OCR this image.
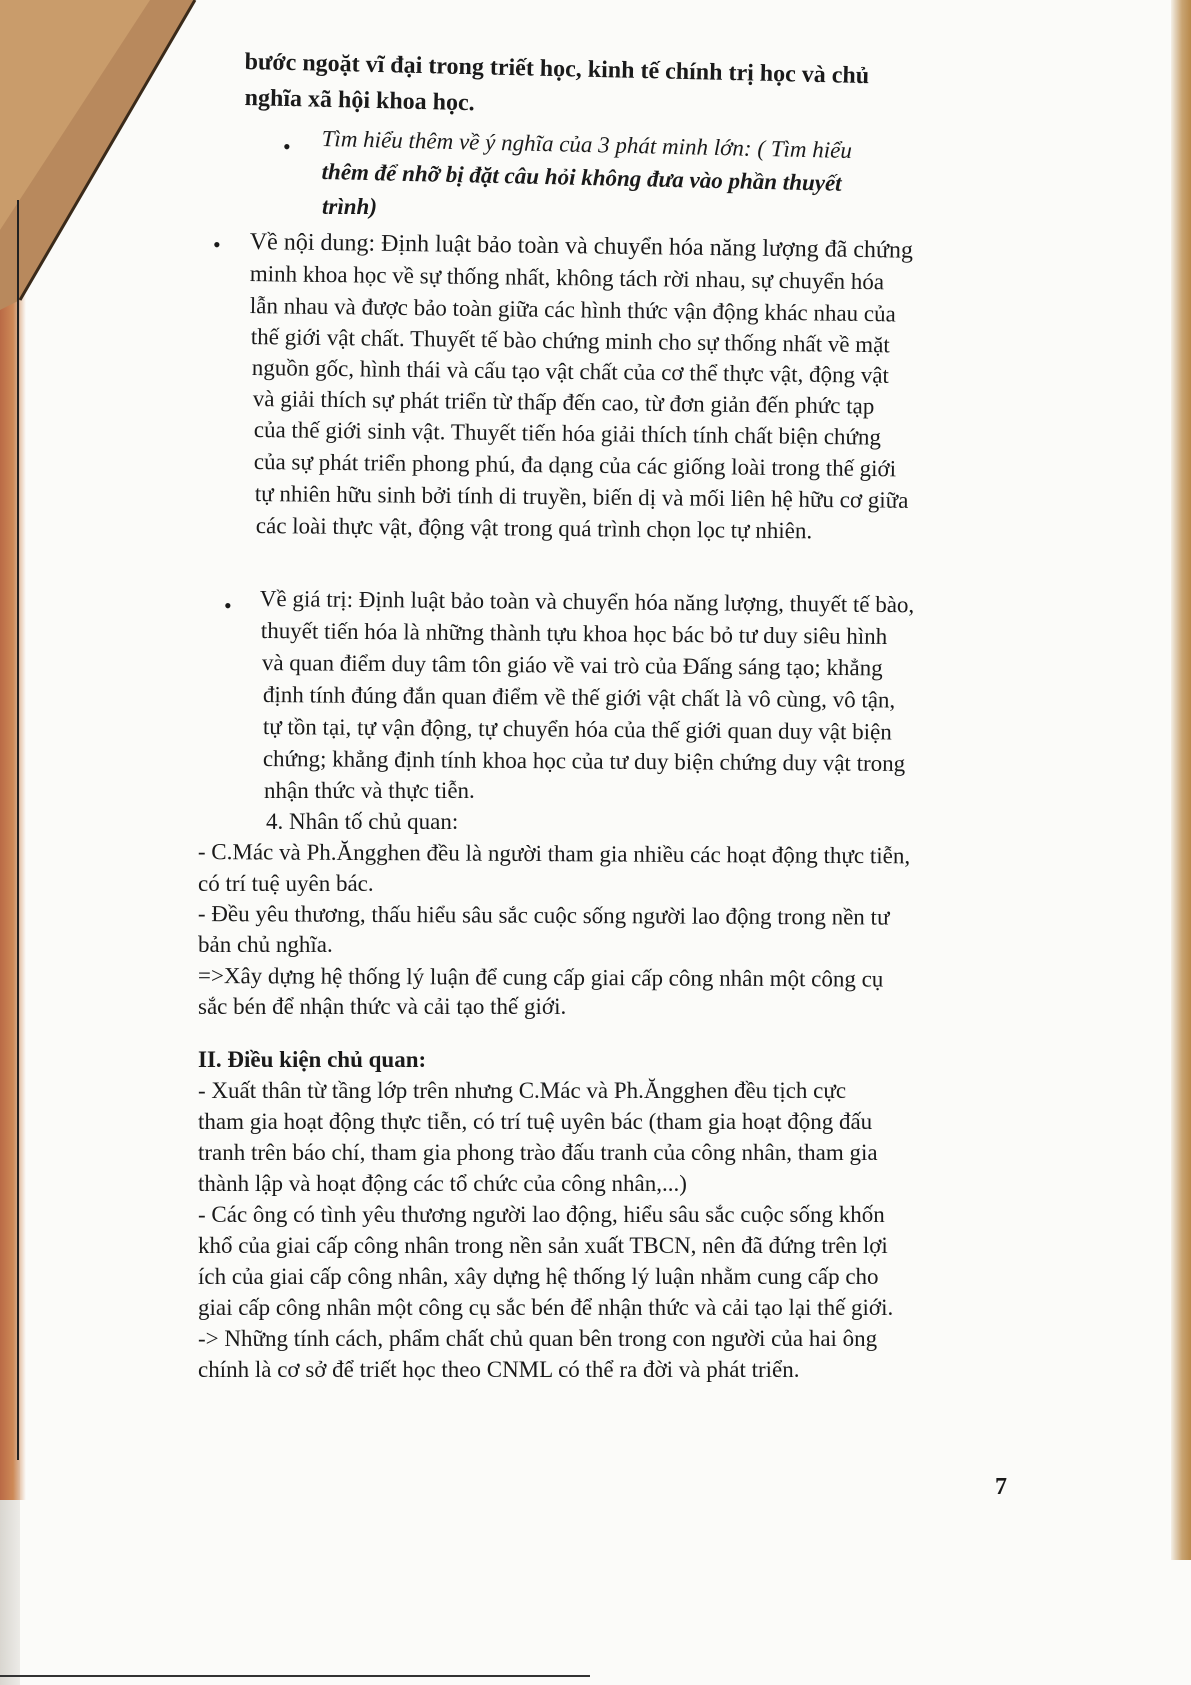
bước ngoặt vĩ đại trong triết học, kinh tế chính trị học và chủ
nghĩa xã hội khoa học.
• Tìm hiểu thêm về ý nghĩa của 3 phát minh lớn: ( Tìm hiểu
thêm để nhỡ bị đặt câu hỏi không đưa vào phần thuyết
trình)
• Về nội dung: Định luật bảo toàn và chuyển hóa năng lượng đã chứng
minh khoa học về sự thống nhất, không tách rời nhau, sự chuyển hóa
lẫn nhau và được bảo toàn giữa các hình thức vận động khác nhau của
thế giới vật chất. Thuyết tế bào chứng minh cho sự thống nhất về mặt
nguồn gốc, hình thái và cấu tạo vật chất của cơ thể thực vật, động vật
và giải thích sự phát triển từ thấp đến cao, từ đơn giản đến phức tạp
của thế giới sinh vật. Thuyết tiến hóa giải thích tính chất biện chứng
của sự phát triển phong phú, đa dạng của các giống loài trong thế giới
tự nhiên hữu sinh bởi tính di truyền, biến dị và mối liên hệ hữu cơ giữa
các loài thực vật, động vật trong quá trình chọn lọc tự nhiên.
• Về giá trị: Định luật bảo toàn và chuyển hóa năng lượng, thuyết tế bào,
thuyết tiến hóa là những thành tựu khoa học bác bỏ tư duy siêu hình
và quan điểm duy tâm tôn giáo về vai trò của Đấng sáng tạo; khẳng
định tính đúng đắn quan điểm về thế giới vật chất là vô cùng, vô tận,
tự tồn tại, tự vận động, tự chuyển hóa của thế giới quan duy vật biện
chứng; khẳng định tính khoa học của tư duy biện chứng duy vật trong
nhận thức và thực tiễn.
4. Nhân tố chủ quan:
- C.Mác và Ph.Ăngghen đều là người tham gia nhiều các hoạt động thực tiễn,
có trí tuệ uyên bác.
- Đều yêu thương, thấu hiểu sâu sắc cuộc sống người lao động trong nền tư
bản chủ nghĩa.
=>Xây dựng hệ thống lý luận để cung cấp giai cấp công nhân một công cụ
sắc bén để nhận thức và cải tạo thế giới.
II. Điều kiện chủ quan:
- Xuất thân từ tầng lớp trên nhưng C.Mác và Ph.Ăngghen đều tịch cực
tham gia hoạt động thực tiễn, có trí tuệ uyên bác (tham gia hoạt động đấu
tranh trên báo chí, tham gia phong trào đấu tranh của công nhân, tham gia
thành lập và hoạt động các tổ chức của công nhân,...)
- Các ông có tình yêu thương người lao động, hiểu sâu sắc cuộc sống khốn
khổ của giai cấp công nhân trong nền sản xuất TBCN, nên đã đứng trên lợi
ích của giai cấp công nhân, xây dựng hệ thống lý luận nhằm cung cấp cho
giai cấp công nhân một công cụ sắc bén để nhận thức và cải tạo lại thế giới.
-> Những tính cách, phẩm chất chủ quan bên trong con người của hai ông
chính là cơ sở để triết học theo CNML có thể ra đời và phát triển.
7
